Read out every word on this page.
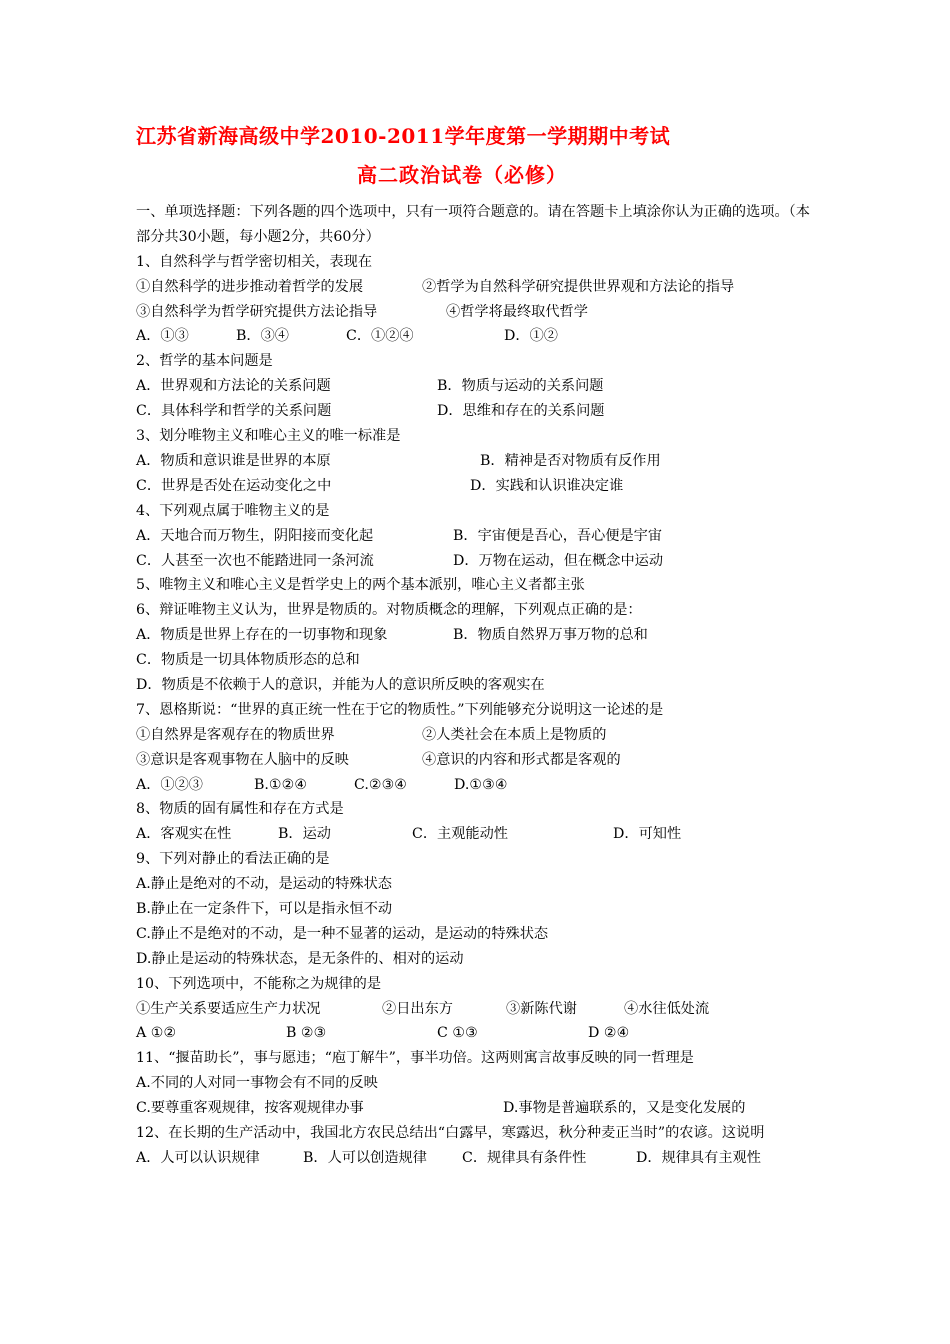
江苏省新海高级中学2010-2011学年度第一学期期中考试
高二政治试卷（必修）
一、单项选择题：下列各题的四个选项中，只有一项符合题意的。请在答题卡上填涂你认为正确的选项。（本部分共30小题，每小题2分，共60分）
1、自然科学与哲学密切相关，表现在
①自然科学的进步推动着哲学的发展	②哲学为自然科学研究提供世界观和方法论的指导
③自然科学为哲学研究提供方法论指导	④哲学将最终取代哲学
A．①③	B．③④	C．①②④	D．①②
2、哲学的基本问题是
A．世界观和方法论的关系问题	B．物质与运动的关系问题
C．具体科学和哲学的关系问题	D．思维和存在的关系问题
3、划分唯物主义和唯心主义的唯一标准是
A．物质和意识谁是世界的本原	B．精神是否对物质有反作用
C．世界是否处在运动变化之中	D．实践和认识谁决定谁
4、下列观点属于唯物主义的是
A．天地合而万物生，阴阳接而变化起	B．宇宙便是吾心，吾心便是宇宙
C．人甚至一次也不能踏进同一条河流	D．万物在运动，但在概念中运动
5、唯物主义和唯心主义是哲学史上的两个基本派别，唯心主义者都主张
6、辩证唯物主义认为，世界是物质的。对物质概念的理解，下列观点正确的是：
A．物质是世界上存在的一切事物和现象	B．物质自然界万事万物的总和
C．物质是一切具体物质形态的总和
D．物质是不依赖于人的意识，并能为人的意识所反映的客观实在
7、恩格斯说：“世界的真正统一性在于它的物质性。”下列能够充分说明这一论述的是
①自然界是客观存在的物质世界	②人类社会在本质上是物质的
③意识是客观事物在人脑中的反映	④意识的内容和形式都是客观的
A．①②③	B.①②④	C.②③④	D.①③④
8、物质的固有属性和存在方式是
A．客观实在性	B．运动	C．主观能动性	D．可知性
9、下列对静止的看法正确的是
A.静止是绝对的不动，是运动的特殊状态
B.静止在一定条件下，可以是指永恒不动
C.静止不是绝对的不动，是一种不显著的运动，是运动的特殊状态
D.静止是运动的特殊状态，是无条件的、相对的运动
10、下列选项中，不能称之为规律的是
①生产关系要适应生产力状况	②日出东方	③新陈代谢	④水往低处流
A ①②	B ②③	C ①③	D ②④
11、“揠苗助长”，事与愿违；“庖丁解牛”，事半功倍。这两则寓言故事反映的同一哲理是
A.不同的人对同一事物会有不同的反映
C.要尊重客观规律，按客观规律办事	D.事物是普遍联系的，又是变化发展的
12、在长期的生产活动中，我国北方农民总结出“白露早，寒露迟，秋分种麦正当时”的农谚。这说明
A．人可以认识规律	B．人可以创造规律 C．规律具有条件性	D．规律具有主观性
